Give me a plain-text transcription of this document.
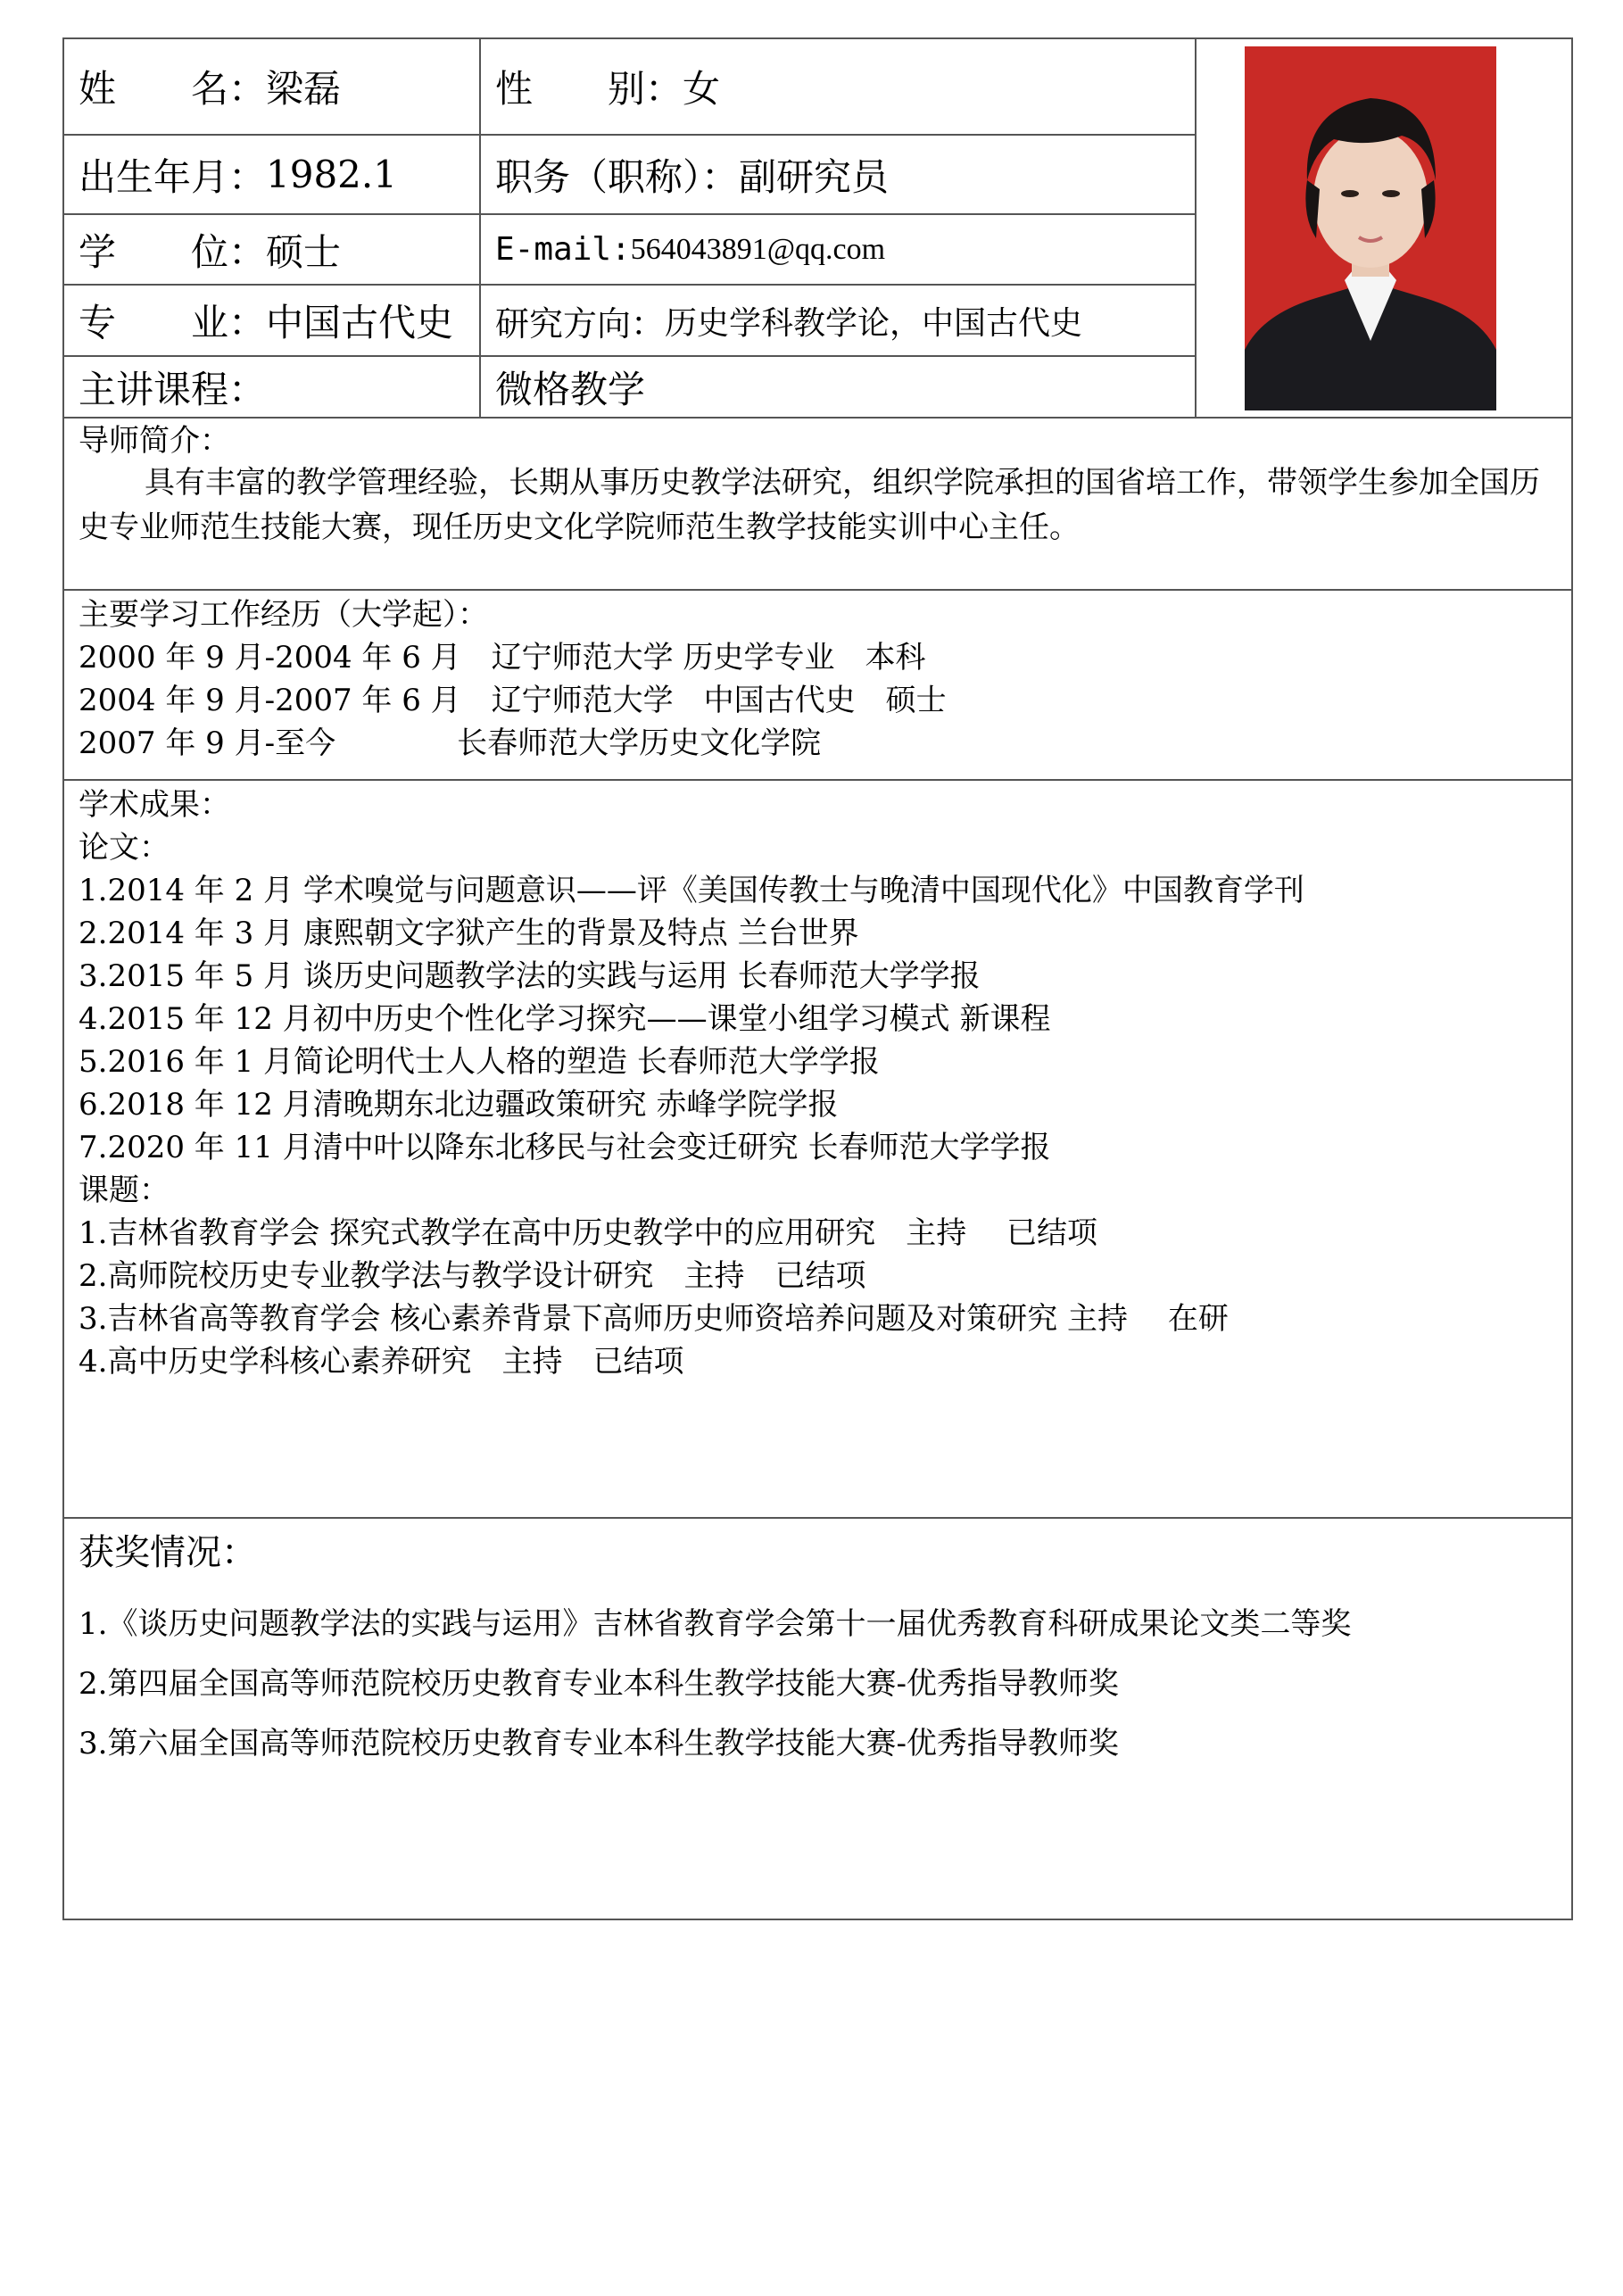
姓　　名： 梁磊	性　　别： 女
出生年月： 1982.1	职务（职称）： 副研究员
学　　位： 硕士	E-mail: 564043891@qq.com
专　　业： 中国古代史 研究方向： 历史学科教学论，中国古代史
主讲课程：	微格教学
导师简介：
具有丰富的教学管理经验，长期从事历史教学法研究，组织学院承担的国省培工作，带领学生参加全国历史专业师范生技能大赛，现任历史文化学院师范生教学技能实训中心主任。
主要学习工作经历（大学起）：
2000 年 9 月-2004 年 6 月　辽宁师范大学 历史学专业　本科
2004 年 9 月-2007 年 6 月　辽宁师范大学　中国古代史　硕士
2007 年 9 月-至今　　　　长春师范大学历史文化学院
学术成果：
论文：
1.2014 年 2 月 学术嗅觉与问题意识——评《美国传教士与晚清中国现代化》中国教育学刊
2.2014 年 3 月 康熙朝文字狱产生的背景及特点 兰台世界
3.2015 年 5 月 谈历史问题教学法的实践与运用 长春师范大学学报
4.2015 年 12 月初中历史个性化学习探究——课堂小组学习模式 新课程
5.2016 年 1 月简论明代士人人格的塑造 长春师范大学学报
6.2018 年 12 月清晚期东北边疆政策研究 赤峰学院学报
7.2020 年 11 月清中叶以降东北移民与社会变迁研究 长春师范大学学报
课题：
1.吉林省教育学会 探究式教学在高中历史教学中的应用研究　主持　 已结项
2.高师院校历史专业教学法与教学设计研究　主持　已结项
3.吉林省高等教育学会 核心素养背景下高师历史师资培养问题及对策研究 主持　 在研
4.高中历史学科核心素养研究　主持　已结项
获奖情况：
1.《谈历史问题教学法的实践与运用》吉林省教育学会第十一届优秀教育科研成果论文类二等奖
2.第四届全国高等师范院校历史教育专业本科生教学技能大赛-优秀指导教师奖
3.第六届全国高等师范院校历史教育专业本科生教学技能大赛-优秀指导教师奖
